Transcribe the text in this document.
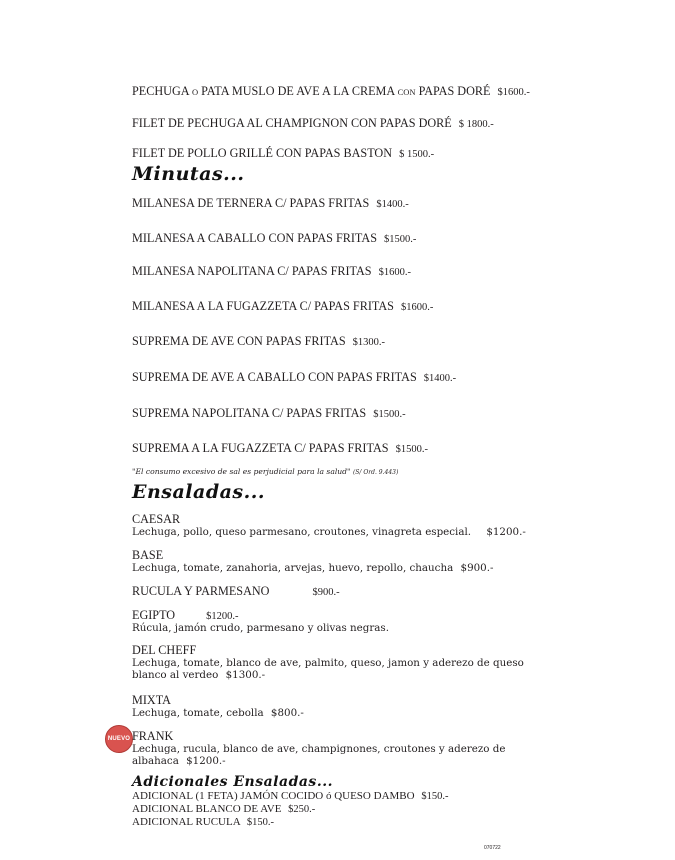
PECHUGA O PATA MUSLO DE AVE A LA CREMA CON PAPAS DORÉ $1600.-
FILET DE PECHUGA AL CHAMPIGNON CON PAPAS DORÉ $ 1800.-
FILET DE POLLO GRILLÉ CON PAPAS BASTON $ 1500.-
Minutas...
MILANESA DE TERNERA C/ PAPAS FRITAS $1400.-
MILANESA A CABALLO CON PAPAS FRITAS $1500.-
MILANESA NAPOLITANA C/ PAPAS FRITAS $1600.-
MILANESA A LA FUGAZZETA C/ PAPAS FRITAS $1600.-
SUPREMA DE AVE CON PAPAS FRITAS $1300.-
SUPREMA DE AVE A CABALLO CON PAPAS FRITAS $1400.-
SUPREMA NAPOLITANA C/ PAPAS FRITAS $1500.-
SUPREMA A LA FUGAZZETA C/ PAPAS FRITAS $1500.-
"El consumo excesivo de sal es perjudicial para la salud" (S/ Ord. 9.443)
Ensaladas...
CAESAR
Lechuga, pollo, queso parmesano, croutones, vinagreta especial. $1200.-
BASE
Lechuga, tomate, zanahoria, arvejas, huevo, repollo, chaucha $900.-
RUCULA Y PARMESANO	$900.-
EGIPTO	$1200.-
Rúcula, jamón crudo, parmesano y olivas negras.
DEL CHEFF
Lechuga, tomate, blanco de ave, palmito, queso, jamon y aderezo de queso
blanco al verdeo $1300.-
MIXTA
Lechuga, tomate, cebolla $800.-
NUEVO FRANK
Lechuga, rucula, blanco de ave, champignones, croutones y aderezo de
albahaca $1200.-
Adicionales Ensaladas...
ADICIONAL (1 FETA) JAMÓN COCIDO ó QUESO DAMBO $150.-
ADICIONAL BLANCO DE AVE $250.-
ADICIONAL RUCULA $150.-
070722
